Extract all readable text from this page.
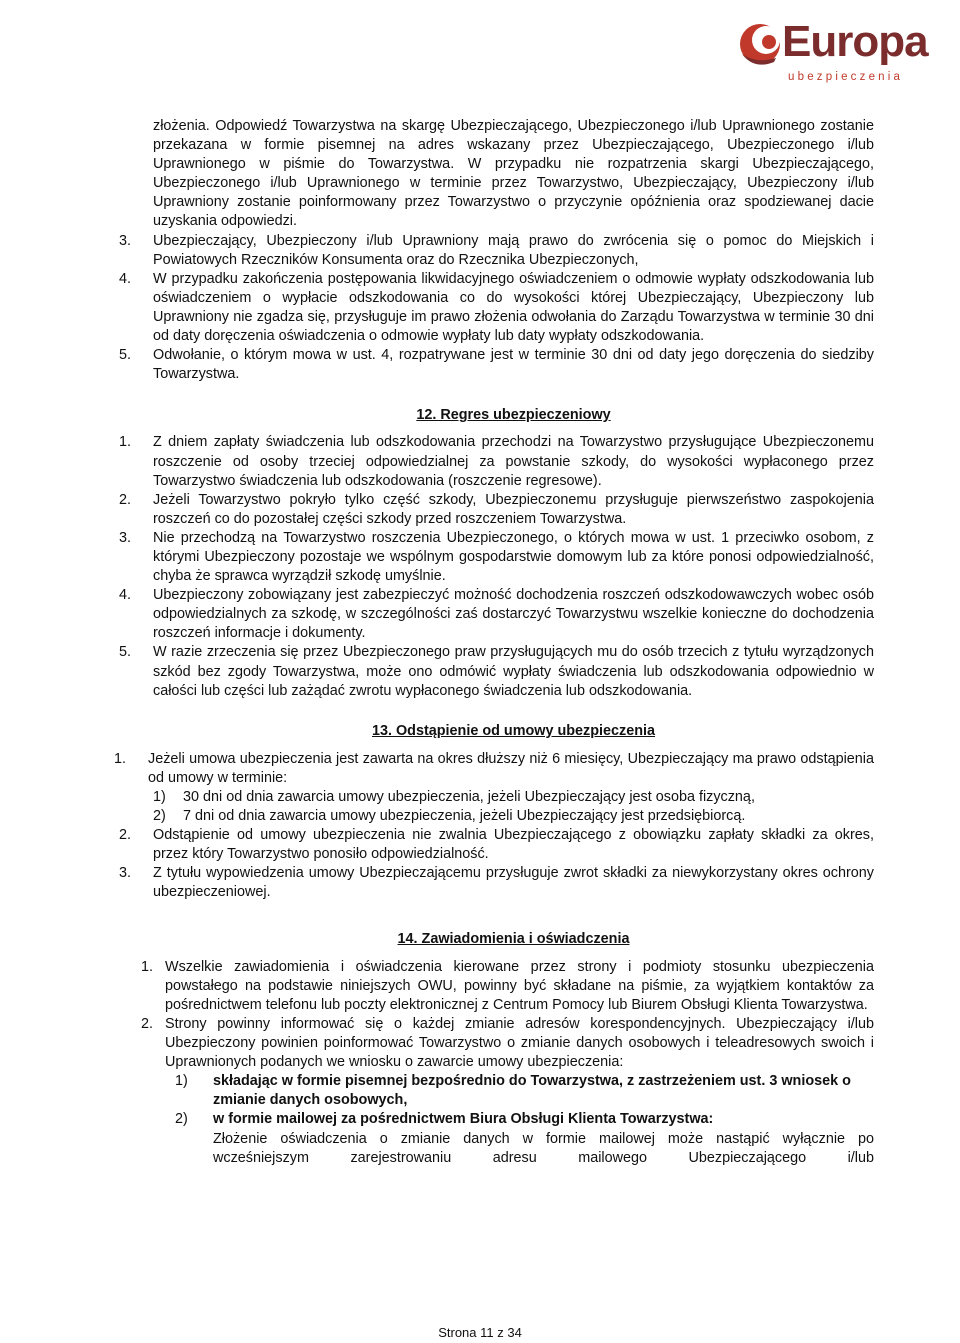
Europa
ubezpieczenia

złożenia. Odpowiedź Towarzystwa na skargę Ubezpieczającego, Ubezpieczonego i/lub Uprawnionego zostanie przekazana w formie pisemnej na adres wskazany przez Ubezpieczającego, Ubezpieczonego i/lub Uprawnionego w piśmie do Towarzystwa. W przypadku nie rozpatrzenia skargi Ubezpieczającego, Ubezpieczonego i/lub Uprawnionego w terminie przez Towarzystwo, Ubezpieczający, Ubezpieczony i/lub Uprawniony zostanie poinformowany przez Towarzystwo o przyczynie opóźnienia oraz spodziewanej dacie uzyskania odpowiedzi.

3. Ubezpieczający, Ubezpieczony i/lub Uprawniony mają prawo do zwrócenia się o pomoc do Miejskich i Powiatowych Rzeczników Konsumenta oraz do Rzecznika Ubezpieczonych,
4. W przypadku zakończenia postępowania likwidacyjnego oświadczeniem o odmowie wypłaty odszkodowania lub oświadczeniem o wypłacie odszkodowania co do wysokości której Ubezpieczający, Ubezpieczony lub Uprawniony nie zgadza się, przysługuje im prawo złożenia odwołania do Zarządu Towarzystwa w terminie 30 dni od daty doręczenia oświadczenia o odmowie wypłaty lub daty wypłaty odszkodowania.
5. Odwołanie, o którym mowa w ust. 4, rozpatrywane jest w terminie 30 dni od daty jego doręczenia do siedziby Towarzystwa.

12. Regres ubezpieczeniowy

1. Z dniem zapłaty świadczenia lub odszkodowania przechodzi na Towarzystwo przysługujące Ubezpieczonemu roszczenie od osoby trzeciej odpowiedzialnej za powstanie szkody, do wysokości wypłaconego przez Towarzystwo świadczenia lub odszkodowania (roszczenie regresowe).
2. Jeżeli Towarzystwo pokryło tylko część szkody, Ubezpieczonemu przysługuje pierwszeństwo zaspokojenia roszczeń co do pozostałej części szkody przed roszczeniem Towarzystwa.
3. Nie przechodzą na Towarzystwo roszczenia Ubezpieczonego, o których mowa w ust. 1 przeciwko osobom, z którymi Ubezpieczony pozostaje we wspólnym gospodarstwie domowym lub za które ponosi odpowiedzialność, chyba że sprawca wyrządził szkodę umyślnie.
4. Ubezpieczony zobowiązany jest zabezpieczyć możność dochodzenia roszczeń odszkodowawczych wobec osób odpowiedzialnych za szkodę, w szczególności zaś dostarczyć Towarzystwu wszelkie konieczne do dochodzenia roszczeń informacje i dokumenty.
5. W razie zrzeczenia się przez Ubezpieczonego praw przysługujących mu do osób trzecich z tytułu wyrządzonych szkód bez zgody Towarzystwa, może ono odmówić wypłaty świadczenia lub odszkodowania odpowiednio w całości lub części lub zażądać zwrotu wypłaconego świadczenia lub odszkodowania.

13. Odstąpienie od umowy ubezpieczenia

1. Jeżeli umowa ubezpieczenia jest zawarta na okres dłuższy niż 6 miesięcy, Ubezpieczający ma prawo odstąpienia od umowy w terminie:
1) 30 dni od dnia zawarcia umowy ubezpieczenia, jeżeli Ubezpieczający jest osoba fizyczną,
2) 7 dni od dnia zawarcia umowy ubezpieczenia, jeżeli Ubezpieczający jest przedsiębiorcą.
2. Odstąpienie od umowy ubezpieczenia nie zwalnia Ubezpieczającego z obowiązku zapłaty składki za okres, przez który Towarzystwo ponosiło odpowiedzialność.
3. Z tytułu wypowiedzenia umowy Ubezpieczającemu przysługuje zwrot składki za niewykorzystany okres ochrony ubezpieczeniowej.

14. Zawiadomienia i oświadczenia

1. Wszelkie zawiadomienia i oświadczenia kierowane przez strony i podmioty stosunku ubezpieczenia powstałego na podstawie niniejszych OWU, powinny być składane na piśmie, za wyjątkiem kontaktów za pośrednictwem telefonu lub poczty elektronicznej z Centrum Pomocy lub Biurem Obsługi Klienta Towarzystwa.
2. Strony powinny informować się o każdej zmianie adresów korespondencyjnych. Ubezpieczający i/lub Ubezpieczony powinien poinformować Towarzystwo o zmianie danych osobowych i teleadresowych swoich i Uprawnionych podanych we wniosku o zawarcie umowy ubezpieczenia:
1) składając w formie pisemnej bezpośrednio do Towarzystwa, z zastrzeżeniem ust. 3 wniosek o zmianie danych osobowych,
2) w formie mailowej za pośrednictwem Biura Obsługi Klienta Towarzystwa:
Złożenie oświadczenia o zmianie danych w formie mailowej może nastąpić wyłącznie po wcześniejszym zarejestrowaniu adresu mailowego Ubezpieczającego i/lub
Strona 11 z 34
